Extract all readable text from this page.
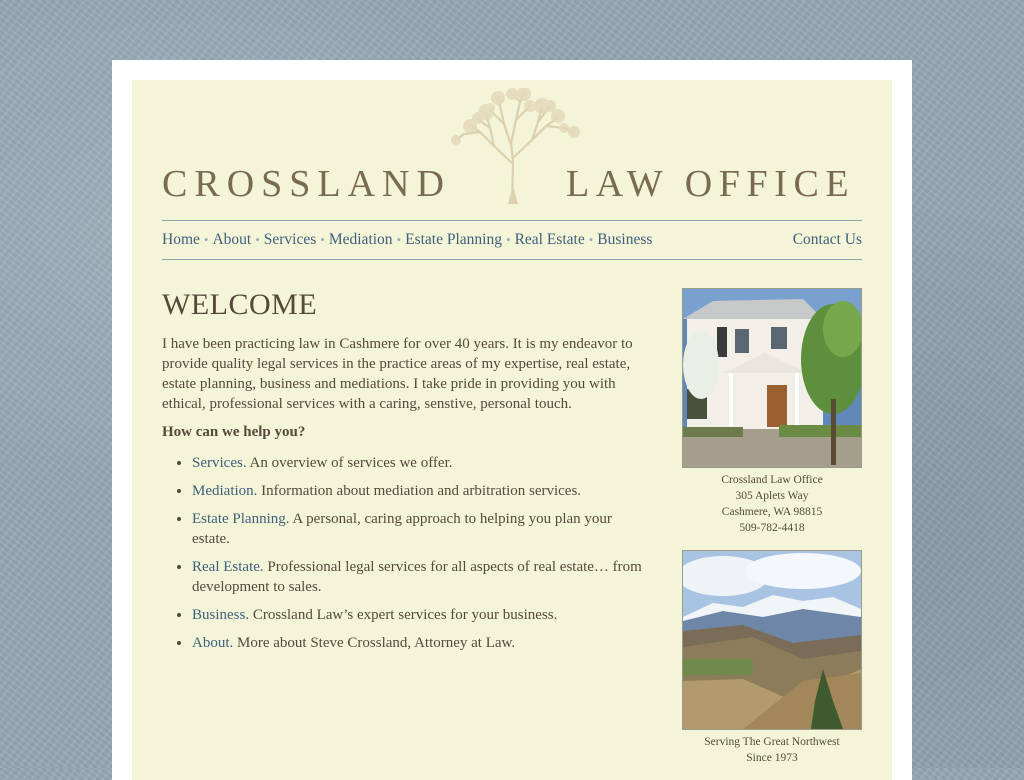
CROSSLAND	LAW OFFICE
Home • About • Services • Mediation • Estate Planning • Real Estate • Business	Contact Us
WELCOME

I have been practicing law in Cashmere for over 40 years. It is my endeavor to provide quality legal services in the practice areas of my expertise, real estate, estate planning, business and mediations. I take pride in providing you with ethical, professional services with a caring, senstive, personal touch.

How can we help you?

• Services. An overview of services we offer.
• Mediation. Information about mediation and arbitration services.
• Estate Planning. A personal, caring approach to helping you plan your estate.
• Real Estate. Professional legal services for all aspects of real estate… from development to sales.
• Business. Crossland Law’s expert services for your business.
• About. More about Steve Crossland, Attorney at Law.
Crossland Law Office
305 Aplets Way
Cashmere, WA 98815
509-782-4418
Serving The Great Northwest
Since 1973
